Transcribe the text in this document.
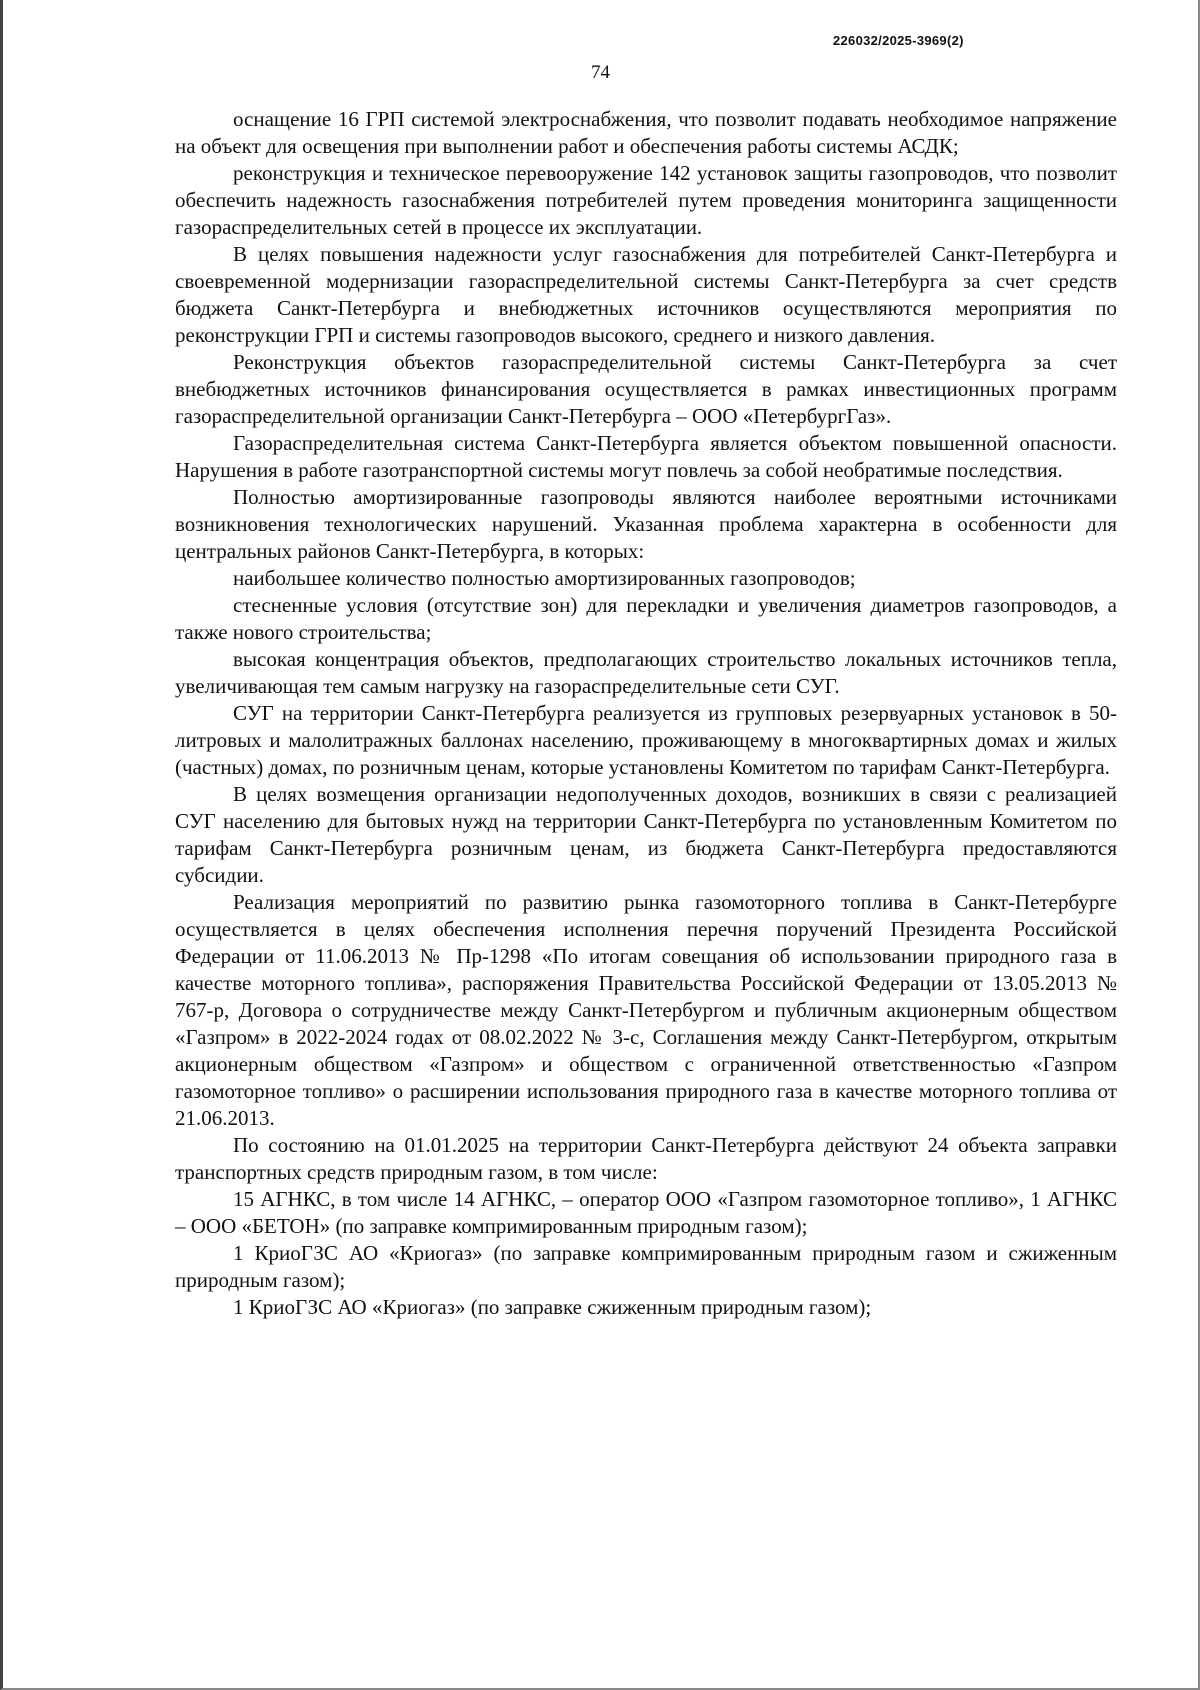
226032/2025-3969(2)
74

оснащение 16 ГРП системой электроснабжения, что позволит подавать необходимое напряжение на объект для освещения при выполнении работ и обеспечения работы системы АСДК;

реконструкция и техническое перевооружение 142 установок защиты газопроводов, что позволит обеспечить надежность газоснабжения потребителей путем проведения мониторинга защищенности газораспределительных сетей в процессе их эксплуатации.

В целях повышения надежности услуг газоснабжения для потребителей Санкт-Петербурга и своевременной модернизации газораспределительной системы Санкт-Петербурга за счет средств бюджета Санкт-Петербурга и внебюджетных источников осуществляются мероприятия по реконструкции ГРП и системы газопроводов высокого, среднего и низкого давления.

Реконструкция объектов газораспределительной системы Санкт-Петербурга за счет внебюджетных источников финансирования осуществляется в рамках инвестиционных программ газораспределительной организации Санкт-Петербурга – ООО «ПетербургГаз».

Газораспределительная система Санкт-Петербурга является объектом повышенной опасности. Нарушения в работе газотранспортной системы могут повлечь за собой необратимые последствия.

Полностью амортизированные газопроводы являются наиболее вероятными источниками возникновения технологических нарушений. Указанная проблема характерна в особенности для центральных районов Санкт-Петербурга, в которых:

наибольшее количество полностью амортизированных газопроводов;

стесненные условия (отсутствие зон) для перекладки и увеличения диаметров газопроводов, а также нового строительства;

высокая концентрация объектов, предполагающих строительство локальных источников тепла, увеличивающая тем самым нагрузку на газораспределительные сети СУГ.

СУГ на территории Санкт-Петербурга реализуется из групповых резервуарных установок в 50-литровых и малолитражных баллонах населению, проживающему в многоквартирных домах и жилых (частных) домах, по розничным ценам, которые установлены Комитетом по тарифам Санкт-Петербурга.

В целях возмещения организации недополученных доходов, возникших в связи с реализацией СУГ населению для бытовых нужд на территории Санкт-Петербурга по установленным Комитетом по тарифам Санкт-Петербурга розничным ценам, из бюджета Санкт-Петербурга предоставляются субсидии.

Реализация мероприятий по развитию рынка газомоторного топлива в Санкт-Петербурге осуществляется в целях обеспечения исполнения перечня поручений Президента Российской Федерации от 11.06.2013 № Пр-1298 «По итогам совещания об использовании природного газа в качестве моторного топлива», распоряжения Правительства Российской Федерации от 13.05.2013 № 767-р, Договора о сотрудничестве между Санкт-Петербургом и публичным акционерным обществом «Газпром» в 2022-2024 годах от 08.02.2022 № 3-с, Соглашения между Санкт-Петербургом, открытым акционерным обществом «Газпром» и обществом с ограниченной ответственностью «Газпром газомоторное топливо» о расширении использования природного газа в качестве моторного топлива от 21.06.2013.

По состоянию на 01.01.2025 на территории Санкт-Петербурга действуют 24 объекта заправки транспортных средств природным газом, в том числе:

15 АГНКС, в том числе 14 АГНКС, – оператор ООО «Газпром газомоторное топливо», 1 АГНКС – ООО «БЕТОН» (по заправке компримированным природным газом);

1 КриоГЗС АО «Криогаз» (по заправке компримированным природным газом и сжиженным природным газом);

1 КриоГЗС АО «Криогаз» (по заправке сжиженным природным газом);
